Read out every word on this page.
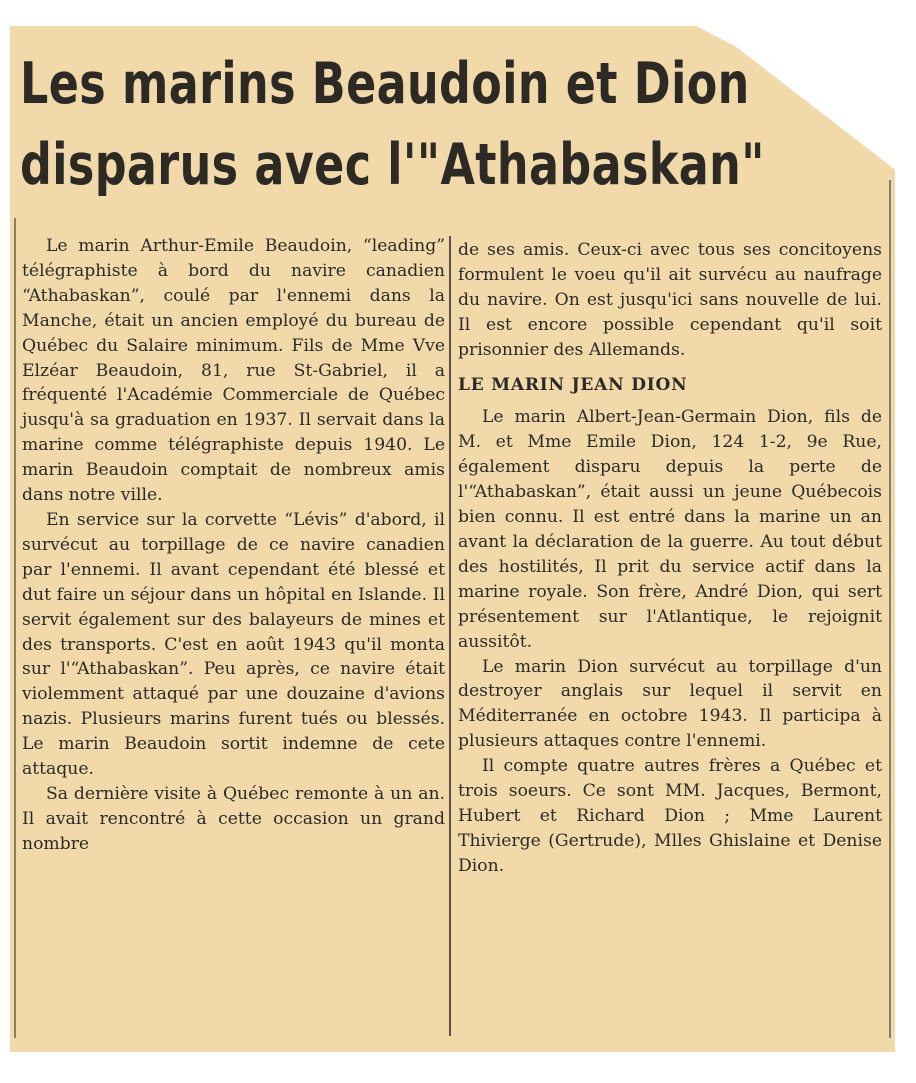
Les marins Beaudoin et Dion
disparus avec l'"Athabaskan"

Le marin Arthur-Emile Beaudoin, “leading” télégraphiste à bord du navire canadien “Athabaskan”, coulé par l'ennemi dans la Manche, était un ancien employé du bureau de Québec du Salaire minimum. Fils de Mme Vve Elzéar Beaudoin, 81, rue St-Gabriel, il a fréquenté l'Académie Commerciale de Québec jusqu'à sa graduation en 1937. Il servait dans la marine comme télégraphiste depuis 1940. Le marin Beaudoin comptait de nombreux amis dans notre ville.

En service sur la corvette “Lévis” d'abord, il survécut au torpillage de ce navire canadien par l'ennemi. Il avant cependant été blessé et dut faire un séjour dans un hôpital en Islande. Il servit également sur des balayeurs de mines et des transports. C'est en août 1943 qu'il monta sur l'“Athabaskan”. Peu après, ce navire était violemment attaqué par une douzaine d'avions nazis. Plusieurs marins furent tués ou blessés. Le marin Beaudoin sortit indemne de cete attaque.

Sa dernière visite à Québec remonte à un an. Il avait rencontré à cette occasion un grand nombre

de ses amis. Ceux-ci avec tous ses concitoyens formulent le voeu qu'il ait survécu au naufrage du navire. On est jusqu'ici sans nouvelle de lui. Il est encore possible cependant qu'il soit prisonnier des Allemands.

LE MARIN JEAN DION

Le marin Albert-Jean-Germain Dion, fils de M. et Mme Emile Dion, 124 1-2, 9e Rue, également disparu depuis la perte de l'“Athabaskan”, était aussi un jeune Québecois bien connu. Il est entré dans la marine un an avant la déclaration de la guerre. Au tout début des hostilités, Il prit du service actif dans la marine royale. Son frère, André Dion, qui sert présentement sur l'Atlantique, le rejoignit aussitôt.

Le marin Dion survécut au torpillage d'un destroyer anglais sur lequel il servit en Méditerranée en octobre 1943. Il participa à plusieurs attaques contre l'ennemi.

Il compte quatre autres frères a Québec et trois soeurs. Ce sont MM. Jacques, Bermont, Hubert et Richard Dion ; Mme Laurent Thivierge (Gertrude), Mlles Ghislaine et Denise Dion.
